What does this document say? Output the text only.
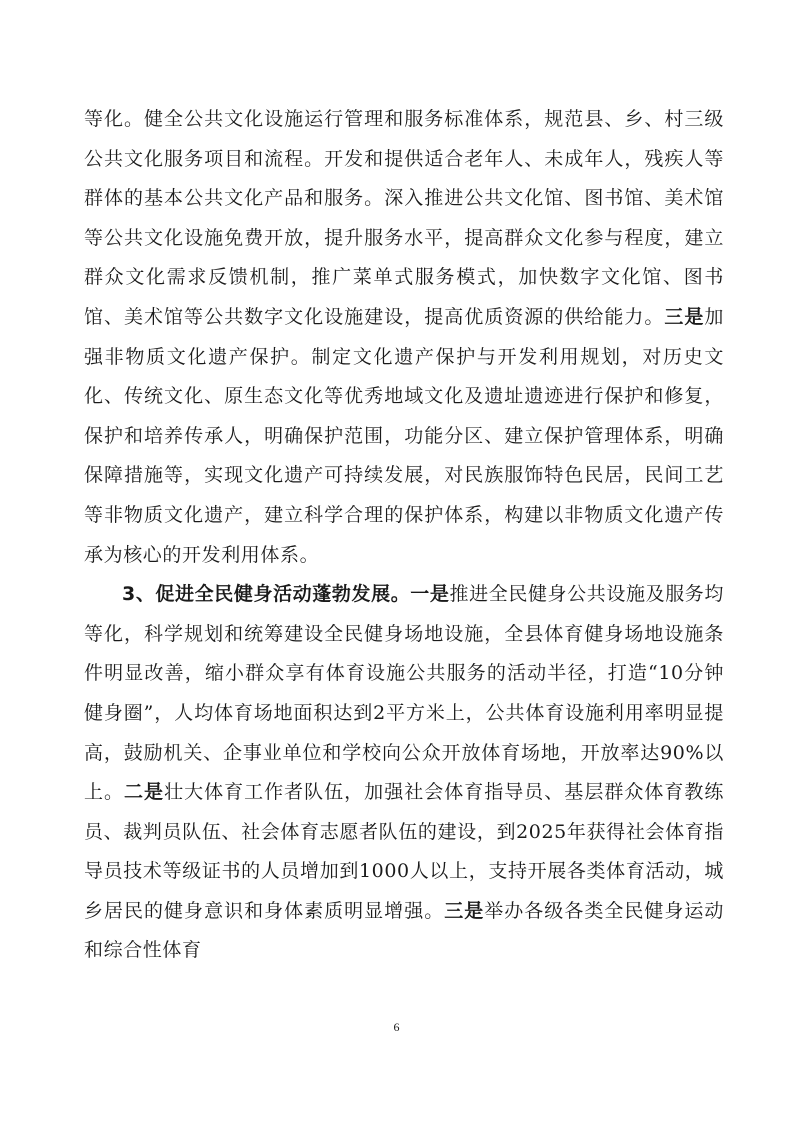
等化。健全公共文化设施运行管理和服务标准体系，规范县、乡、村三级公共文化服务项目和流程。开发和提供适合老年人、未成年人，残疾人等群体的基本公共文化产品和服务。深入推进公共文化馆、图书馆、美术馆等公共文化设施免费开放，提升服务水平，提高群众文化参与程度，建立群众文化需求反馈机制，推广菜单式服务模式，加快数字文化馆、图书馆、美术馆等公共数字文化设施建设，提高优质资源的供给能力。三是加强非物质文化遗产保护。制定文化遗产保护与开发利用规划，对历史文化、传统文化、原生态文化等优秀地域文化及遗址遗迹进行保护和修复，保护和培养传承人，明确保护范围，功能分区、建立保护管理体系，明确保障措施等，实现文化遗产可持续发展，对民族服饰特色民居，民间工艺等非物质文化遗产，建立科学合理的保护体系，构建以非物质文化遗产传承为核心的开发利用体系。

3、促进全民健身活动蓬勃发展。一是推进全民健身公共设施及服务均等化，科学规划和统筹建设全民健身场地设施，全县体育健身场地设施条件明显改善，缩小群众享有体育设施公共服务的活动半径，打造“10分钟健身圈”，人均体育场地面积达到2平方米上，公共体育设施利用率明显提高，鼓励机关、企事业单位和学校向公众开放体育场地，开放率达90%以上。二是壮大体育工作者队伍，加强社会体育指导员、基层群众体育教练员、裁判员队伍、社会体育志愿者队伍的建设，到2025年获得社会体育指导员技术等级证书的人员增加到1000人以上，支持开展各类体育活动，城乡居民的健身意识和身体素质明显增强。三是举办各级各类全民健身运动和综合性体育

6
